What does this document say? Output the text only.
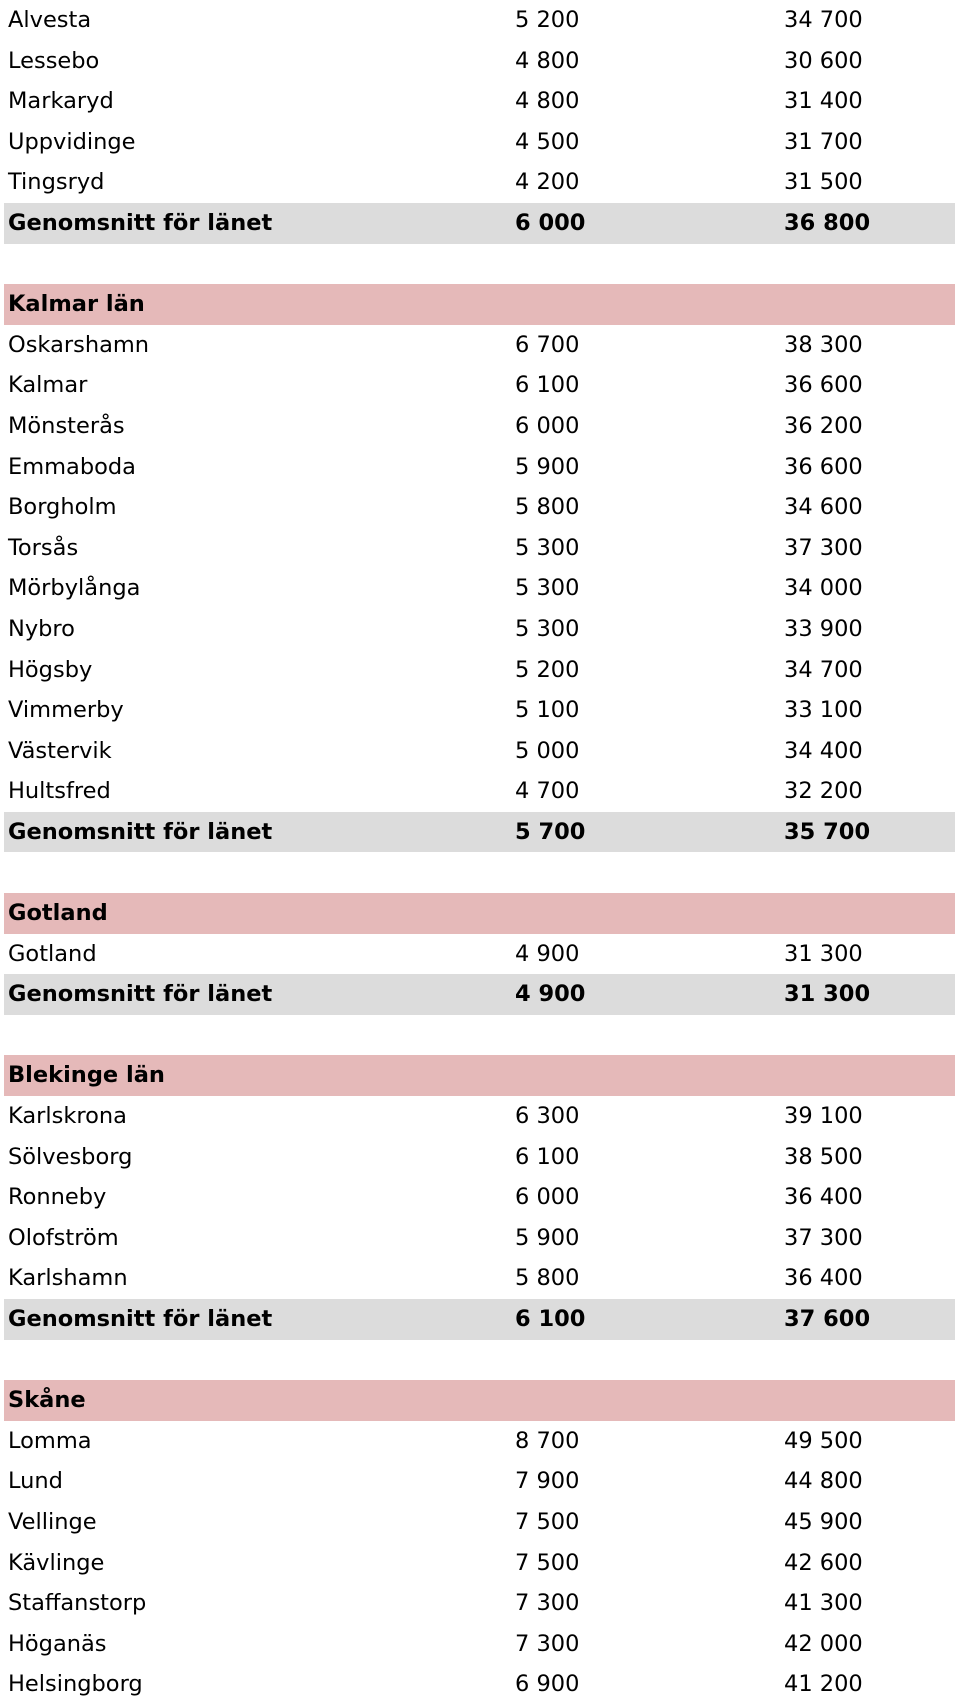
Alvesta	5 200	34 700
Lessebo	4 800	30 600
Markaryd	4 800	31 400
Uppvidinge	4 500	31 700
Tingsryd	4 200	31 500
Genomsnitt för länet	6 000	36 800
Kalmar län
Oskarshamn	6 700	38 300
Kalmar	6 100	36 600
Mönsterås	6 000	36 200
Emmaboda	5 900	36 600
Borgholm	5 800	34 600
Torsås	5 300	37 300
Mörbylånga	5 300	34 000
Nybro	5 300	33 900
Högsby	5 200	34 700
Vimmerby	5 100	33 100
Västervik	5 000	34 400
Hultsfred	4 700	32 200
Genomsnitt för länet	5 700	35 700
Gotland
Gotland	4 900	31 300
Genomsnitt för länet	4 900	31 300
Blekinge län
Karlskrona	6 300	39 100
Sölvesborg	6 100	38 500
Ronneby	6 000	36 400
Olofström	5 900	37 300
Karlshamn	5 800	36 400
Genomsnitt för länet	6 100	37 600
Skåne
Lomma	8 700	49 500
Lund	7 900	44 800
Vellinge	7 500	45 900
Kävlinge	7 500	42 600
Staffanstorp	7 300	41 300
Höganäs	7 300	42 000
Helsingborg	6 900	41 200
